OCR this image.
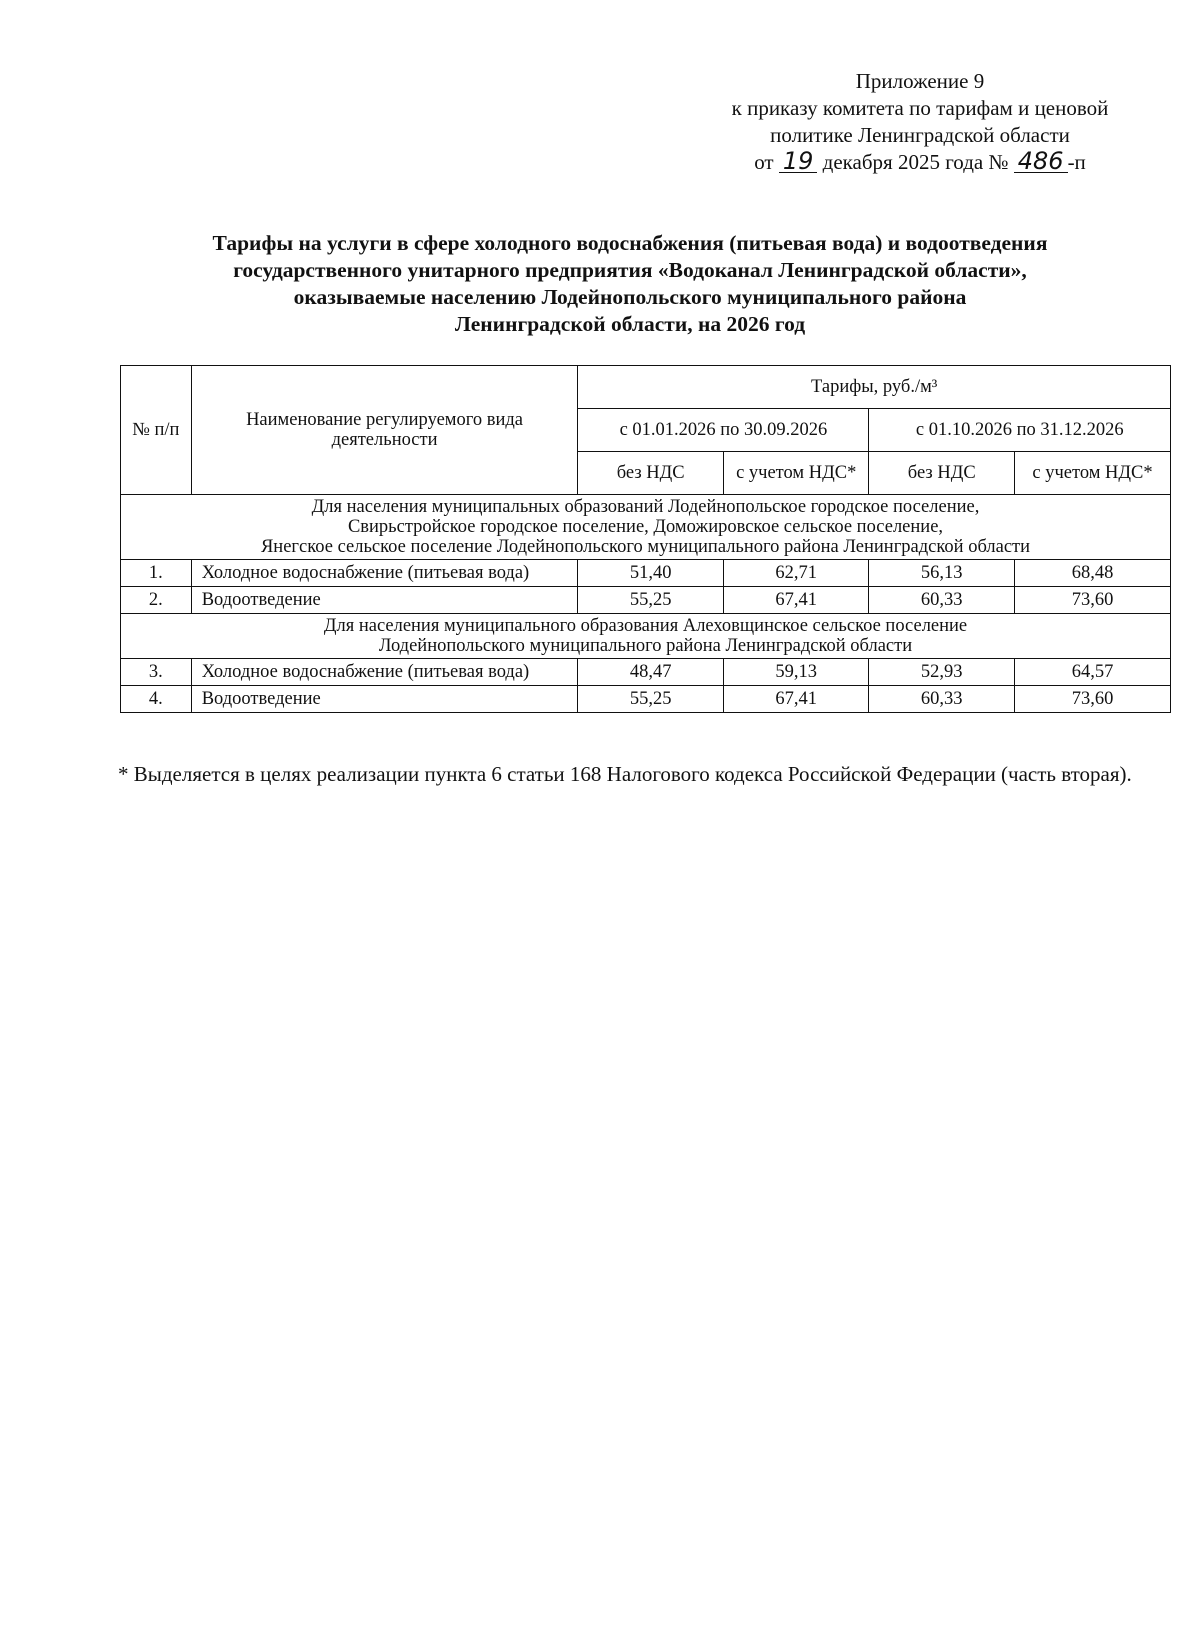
Приложение 9
к приказу комитета по тарифам и ценовой
политике Ленинградской области
от 19 декабря 2025 года № 486 -п
Тарифы на услуги в сфере холодного водоснабжения (питьевая вода) и водоотведения
государственного унитарного предприятия «Водоканал Ленинградской области»,
оказываемые населению Лодейнопольского муниципального района
Ленинградской области, на 2026 год
№ п/п	Наименование регулируемого вида деятельности	Тарифы, руб./м³			
		с 01.01.2026 по 30.09.2026		с 01.10.2026 по 31.12.2026	
		без НДС	с учетом НДС*	без НДС	с учетом НДС*

Для населения муниципальных образований Лодейнопольское городское поселение,
Свирьстройское городское поселение, Доможировское сельское поселение,
Янегское сельское поселение Лодейнопольского муниципального района Ленинградской области					

1.	Холодное водоснабжение (питьевая вода)	51,40	62,71	56,13	68,48
2.	Водоотведение	55,25	67,41	60,33	73,60

Для населения муниципального образования Алеховщинское сельское поселение
Лодейнопольского муниципального района Ленинградской области					

3.	Холодное водоснабжение (питьевая вода)	48,47	59,13	52,93	64,57
4.	Водоотведение	55,25	67,41	60,33	73,60
* Выделяется в целях реализации пункта 6 статьи 168 Налогового кодекса Российской Федерации (часть вторая).
